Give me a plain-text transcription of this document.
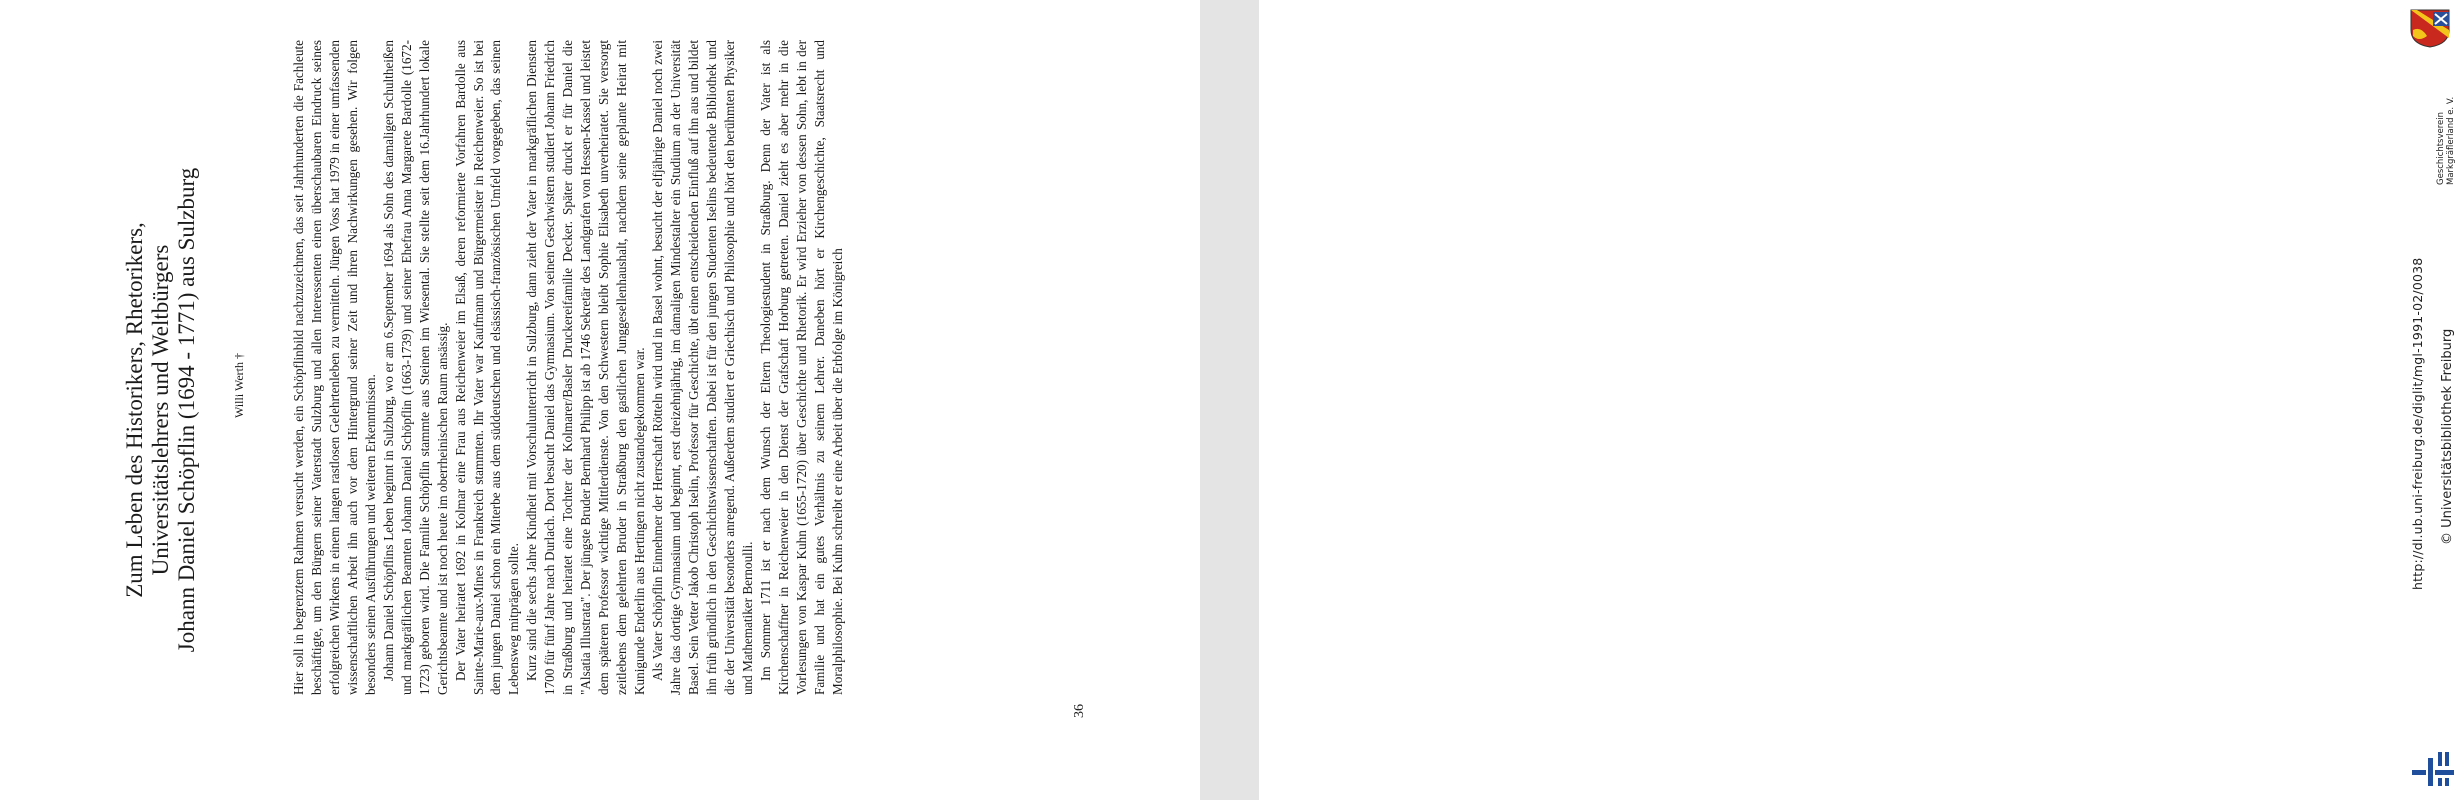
Zum Leben des Historikers, Rhetorikers, Universitätslehrers und Weltbürgers Johann Daniel Schöpflin (1694 - 1771) aus Sulzburg	Willi Werth †	Hier soll in begrenztem Rahmen versucht werden, ein Schöpflinbild nachzuzeichnen, das seit Jahrhunderten die Fachleute beschäftigte, um den Bürgern seiner Vaterstadt Sulzburg und allen Interessenten einen überschaubaren Eindruck seines erfolgreichen Wirkens in einem langen rastlosen Gelehrtenleben zu vermitteln. Jürgen Voss hat 1979 in einer umfassenden wissenschaftlichen Arbeit ihn auch vor dem Hintergrund seiner Zeit und ihren Nachwirkungen gesehen. Wir folgen besonders seinen Ausführungen und weiteren Erkenntnissen. Johann Daniel Schöpflins Leben beginnt in Sulzburg, wo er am 6.September 1694 als Sohn des damaligen Schultheißen und markgräflichen Beamten Johann Daniel Schöpflin (1663-1739) und seiner Ehefrau Anna Margarete Bardolle (1672-1723) geboren wird. Die Familie Schöpflin stammte aus Steinen im Wiesental. Sie stellte seit dem 16.Jahrhundert lokale Gerichtsbeamte und ist noch heute im oberrheinischen Raum ansässig. Der Vater heiratet 1692 in Kolmar eine Frau aus Reichenweier im Elsaß, deren reformierte Vorfahren Bardolle aus Sainte-Marie-aux-Mines in Frankreich stammten. Ihr Vater war Kaufmann und Bürgermeister in Reichenweier. So ist bei dem jungen Daniel schon ein Miterbe aus dem süddeutschen und elsässisch-französischen Umfeld vorgegeben, das seinen Lebensweg mitprägen sollte. Kurz sind die sechs Jahre Kindheit mit Vorschulunterricht in Sulzburg, dann zieht der Vater in markgräflichen Diensten 1700 für fünf Jahre nach Durlach. Dort besucht Daniel das Gymnasium. Von seinen Geschwistern studiert Johann Friedrich in Straßburg und heiratet eine Tochter der Kolmarer/Basler Druckereifamilie Decker. Später druckt er für Daniel die "Alsatia Illustrata". Der jüngste Bruder Bernhard Philipp ist ab 1746 Sekretär des Landgrafen von Hessen-Kassel und leistet dem späteren Professor wichtige Mittlerdienste. Von den Schwestern bleibt Sophie Elisabeth unverheiratet. Sie versorgt zeitlebens dem gelehrten Bruder in Straßburg den gastlichen Junggesellenhaushalt, nachdem seine geplante Heirat mit Kunigunde Enderlin aus Hertingen nicht zustandegekommen war. Als Vater Schöpflin Einnehmer der Herrschaft Rötteln wird und in Basel wohnt, besucht der elfjährige Daniel noch zwei Jahre das dortige Gymnasium und beginnt, erst dreizehnjährig, im damaligen Mindestalter ein Studium an der Universität Basel. Sein Vetter Jakob Christoph Iselin, Professor für Geschichte, übt einen entscheidenden Einfluß auf ihn aus und bildet ihn früh gründlich in den Geschichtswissenschaften. Dabei ist für den jungen Studenten Iselins bedeutende Bibliothek und die der Universität besonders anregend. Außerdem studiert er Griechisch und Philosophie und hört den berühmten Physiker und Mathematiker Bernoulli. Im Sommer 1711 ist er nach dem Wunsch der Eltern Theologiestudent in Straßburg. Denn der Vater ist als Kirchenschaffner in Reichenweier in den Dienst der Grafschaft Horburg getreten. Daniel zieht es aber mehr in die Vorlesungen von Kaspar Kuhn (1655-1720) über Geschichte und Rhetorik. Er wird Erzieher von dessen Sohn, lebt in der Familie und hat ein gutes Verhältnis zu seinem Lehrer. Daneben hört er Kirchengeschichte, Staatsrecht und Moralphilosophie. Bei Kuhn schreibt er eine Arbeit über die Erbfolge im Königreich

36
Geschichtsverein Markgräflerland e. V.
http://dl.ub.uni-freiburg.de/diglit/mgl-1991-02/0038 © Universitätsbibliothek Freiburg
